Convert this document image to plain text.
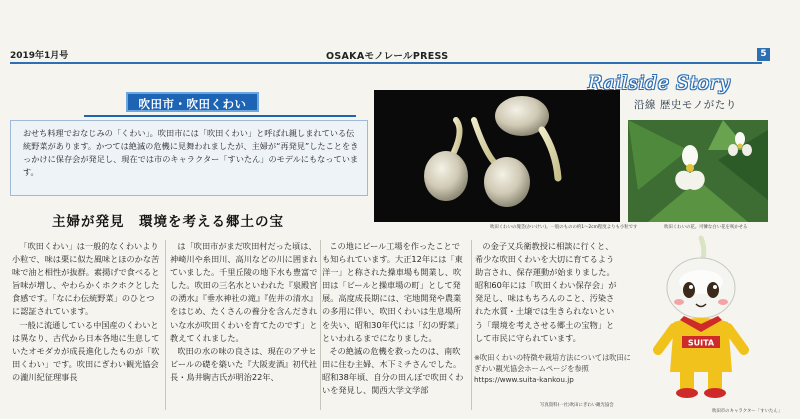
2019年1月号	OSAKAモノレールPRESS	5
吹田市・吹田くわい
おせち料理でおなじみの「くわい」。吹田市には「吹田くわい」と呼ばれ親しまれている伝統野菜があります。かつては絶滅の危機に見舞われましたが、主婦が“再発見”したことをきっかけに保存会が発足し、現在では市のキャラクター「すいたん」のモデルにもなっています。
主婦が発見　環境を考える郷土の宝

「吹田くわい」は一般的なくわいより小粒で、味は栗に似た風味とほのかな苦味で油と相性が抜群。素揚げで食べると旨味が増し、やわらかくホクホクとした食感です。「なにわ伝統野菜」のひとつに認証されています。

一般に流通している中国産のくわいとは異なり、古代から日本各地に生息していたオモダカが成長進化したものが「吹田くわい」です。吹田にぎわい観光協会の瀧川紀征理事長

は「吹田市がまだ吹田村だった頃は、神崎川や糸田川、高川などの川に囲まれていました。千里丘陵の地下水も豊富でした。吹田の三名水といわれた『泉殿宮の湧水』『垂水神社の滝』『佐井の清水』をはじめ、たくさんの養分を含んだきれいな水が吹田くわいを育てたのです」と教えてくれました。

吹田の水の味の良さは、現在のアサヒビールの礎を築いた『大阪麦酒』初代社長・鳥井駒吉氏が明治22年、

この地にビール工場を作ったことでも知られています。大正12年には「東洋一」と称された操車場も開業し、吹田は「ビールと操車場の町」として発展。高度成長期には、宅地開発や農業の多用に伴い、吹田くわいは生息場所を失い、昭和30年代には「幻の野菜」といわれるまでになりました。

その絶滅の危機を救ったのは、南吹田に住む主婦、木下ミチさんでした。昭和38年頃、自分の田んぼで吹田くわいを発見し、関西大学文学部

の金子又兵衛教授に相談に行くと、希少な吹田くわいを大切に育てるよう助言され、保存運動が始まりました。昭和60年には「吹田くわい保存会」が発足し、味はもちろんのこと、汚染された水質・土壌では生きられないという「環境を考えさせる郷土の宝物」として市民に守られています。

※吹田くわいの特徴や栽培方法については吹田にぎわい観光協会ホームページを参照
https://www.suita-kankou.jp
写真資料(一社)吹田にぎわい観光協会
吹田くわいの塊茎(かいけい)。一般のものの約1〜2cm程度よりも小粒です
Railside Story
沿線 歴史モノがたり
吹田くわいの花。可憐な白い花を咲かせる
SUITA
吹田市のキャラクター「すいたん」
